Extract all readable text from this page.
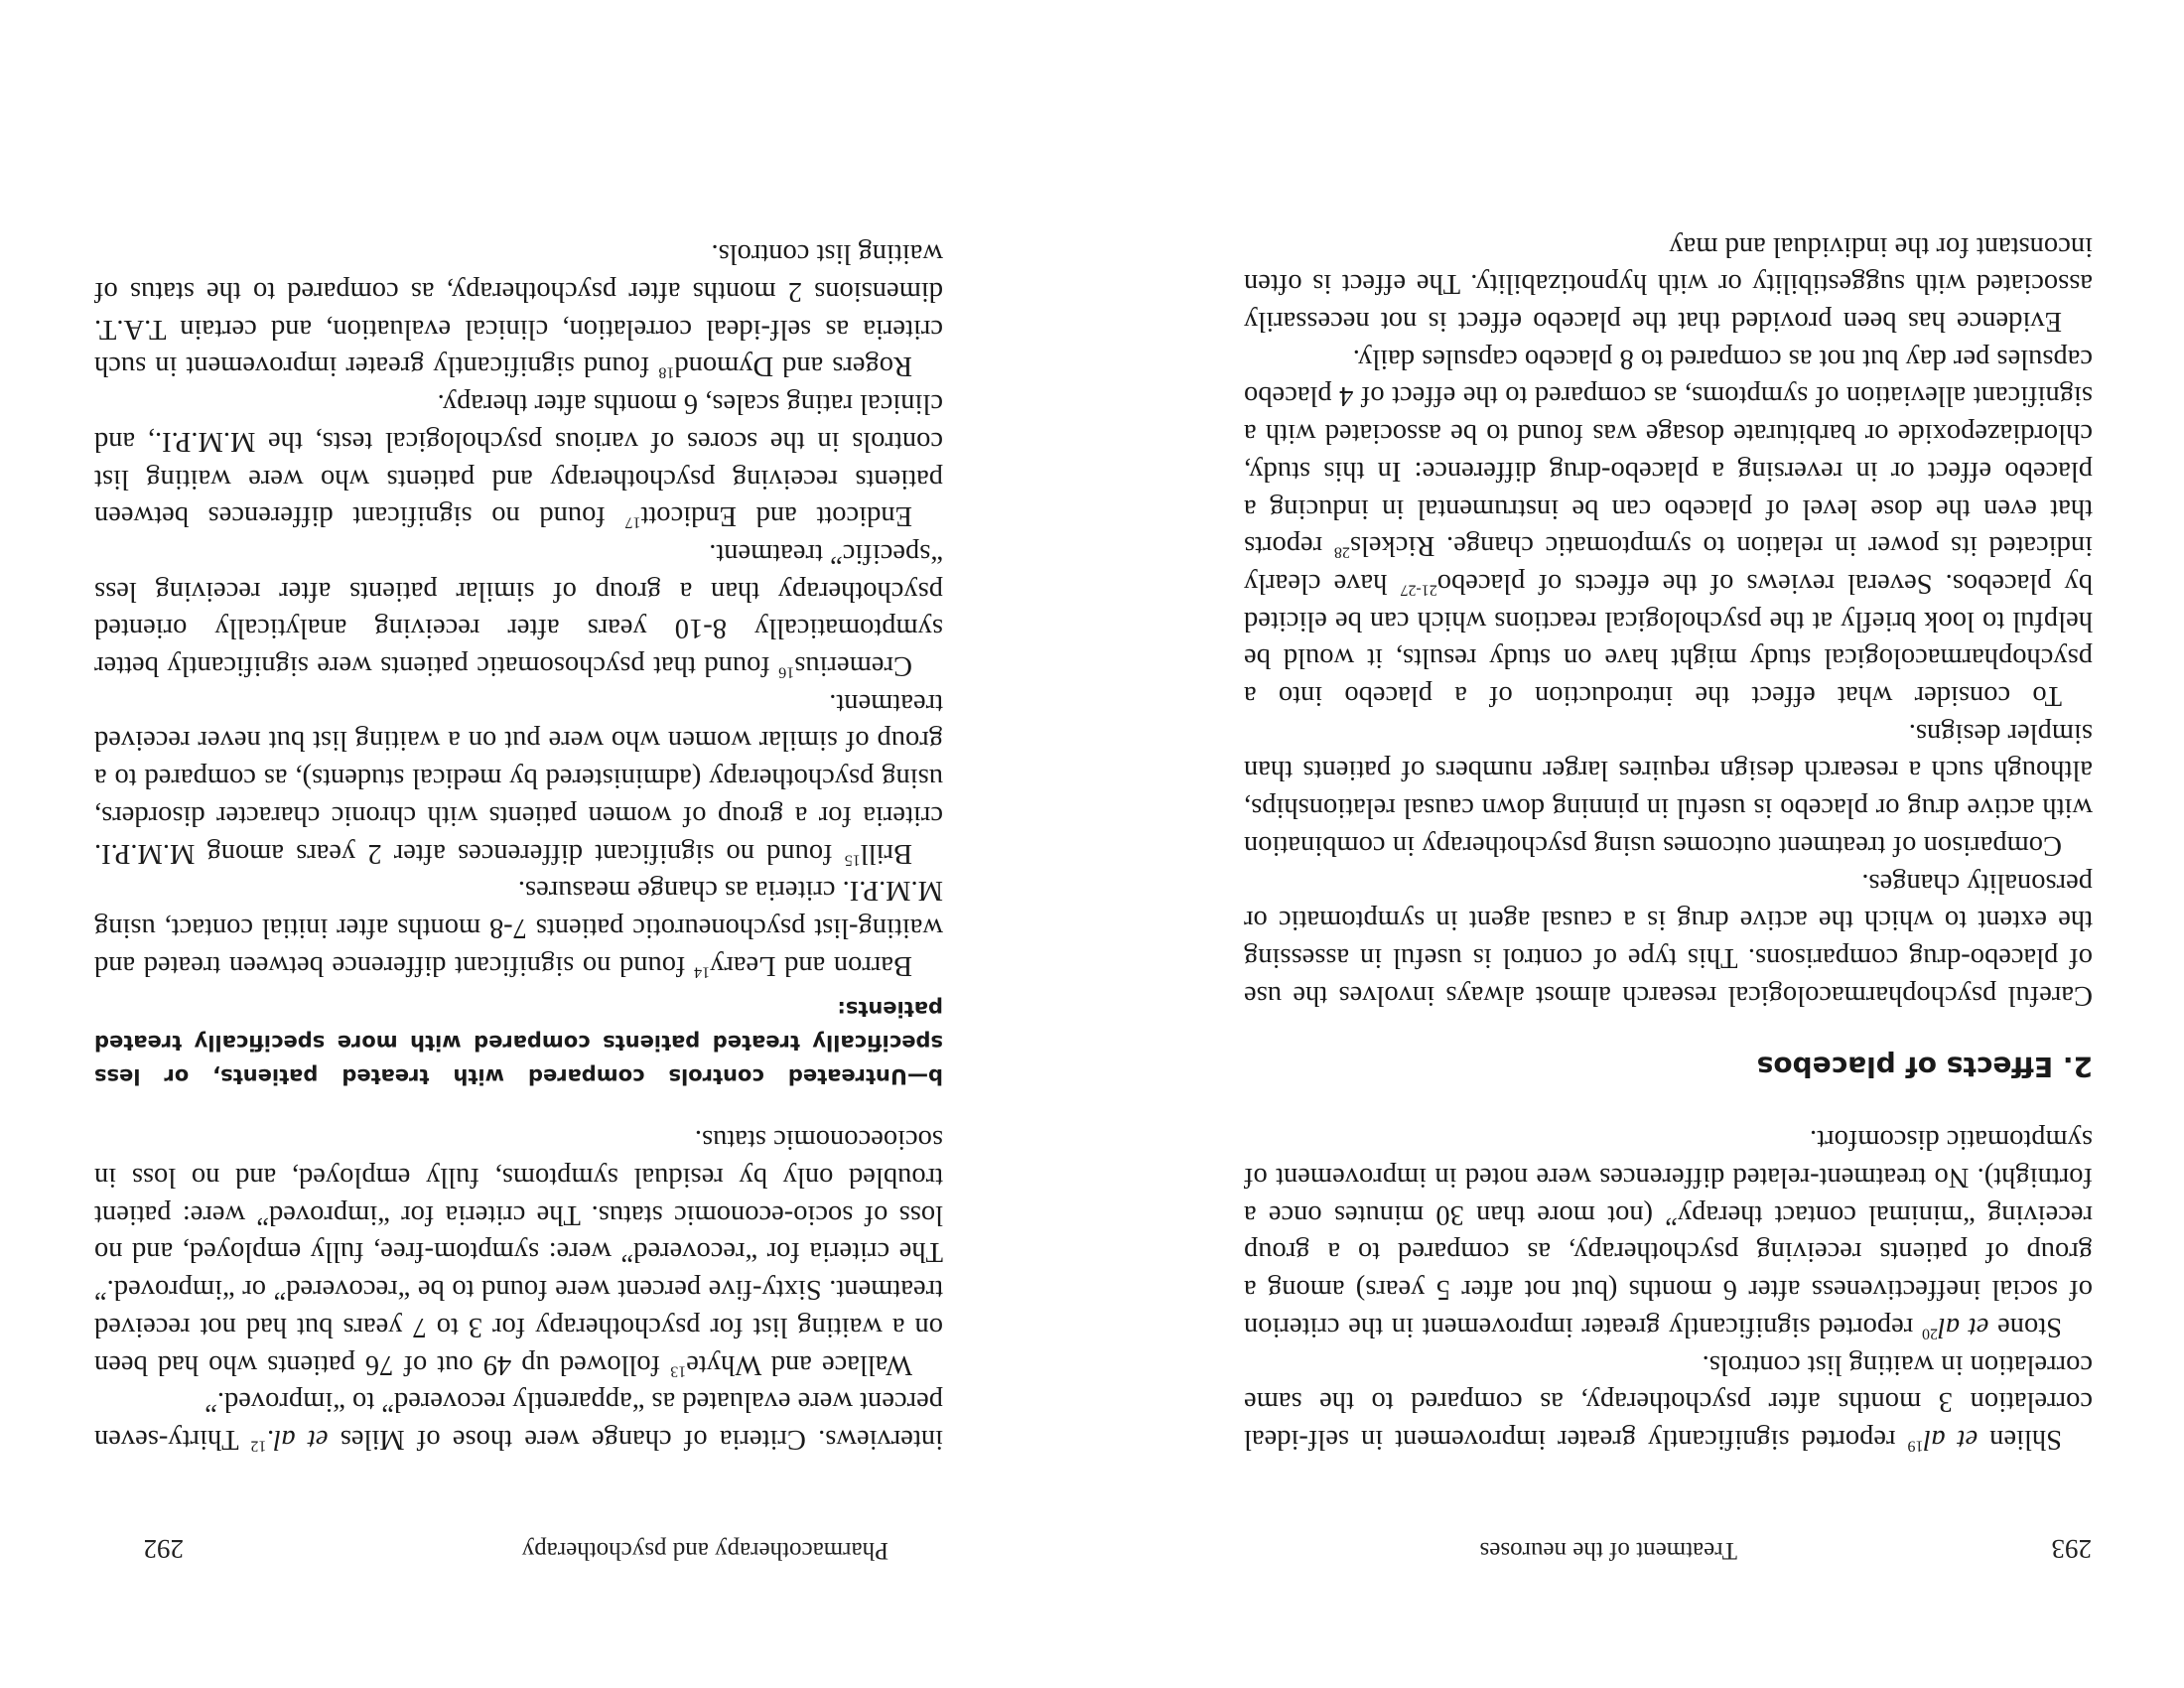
293
Treatment of the neuroses

Shlien et $al^{19}$ reported significantly greater improvement in self-ideal correlation 3 months after psychotherapy, as compared to the same correlation in waiting list controls.

Stone et $al^{20}$ reported significantly greater improvement in the criterion of social ineffectiveness after 6 months (but not after 5 years) among a group of patients receiving psychotherapy, as compared to a group receiving “minimal contact therapy” (not more than 30 minutes once a fortnight). No treatment-related differences were noted in improvement of symptomatic discomfort.

2. Effects of placebos

Careful psychopharmacological research almost always involves the use of placebo-drug comparisons. This type of control is useful in assessing the extent to which the active drug is a causal agent in symptomatic or personality changes.

Comparison of treatment outcomes using psychotherapy in combination with active drug or placebo is useful in pinning down causal relationships, although such a research design requires larger numbers of patients than simpler designs.

To consider what effect the introduction of a placebo into a psychopharmacological study might have on study results, it would be helpful to look briefly at the psychological reactions which can be elicited by placebos. Several reviews of the effects of placebo$^{21-27}$ have clearly indicated its power in relation to symptomatic change. Rickels$^{28}$ reports that even the dose level of placebo can be instrumental in inducing a placebo effect or in reversing a placebo-drug difference: In this study, chlordiazepoxide or barbiturate dosage was found to be associated with a significant alleviation of symptoms, as compared to the effect of 4 placebo capsules per day but not as compared to 8 placebo capsules daily.

Evidence has been provided that the placebo effect is not necessarily associated with suggestibility or with hypnotizability. The effect is often inconstant for the individual and may

Pharmacotherapy and psychotherapy
292

interviews. Criteria of change were those of Miles et al.$^{12}$ Thirty-seven percent were evaluated as “apparently recovered” to “improved.”

Wallace and Whyte$^{13}$ followed up 49 out of 76 patients who had been on a waiting list for psychotherapy for 3 to 7 years but had not received treatment. Sixty-five percent were found to be “recovered” or “improved.” The criteria for “recovered” were: symptom-free, fully employed, and no loss of socio-economic status. The criteria for “improved” were: patient troubled only by residual symptoms, fully employed, and no loss in socioeconomic status.

b—Untreated controls compared with treated patients, or less specifically treated patients compared with more specifically treated patients:

Barron and Leary$^{14}$ found no significant difference between treated and waiting-list psychoneurotic patients 7-8 months after initial contact, using M.M.P.I. criteria as change measures.

Brill$^{15}$ found no significant differences after 2 years among M.M.P.I. criteria for a group of women patients with chronic character disorders, using psychotherapy (administered by medical students), as compared to a group of similar women who were put on a waiting list but never received treatment.

Cremerius$^{16}$ found that psychosomatic patients were significantly better symptomatically 8-10 years after receiving analytically oriented psychotherapy than a group of similar patients after receiving less “specific” treatment.

Endicott and Endicott$^{17}$ found no significant differences between patients receiving psychotherapy and patients who were waiting list controls in the scores of various psychological tests, the M.M.P.I., and clinical rating scales, 6 months after therapy.

Rogers and Dymond$^{18}$ found significantly greater improvement in such criteria as self-ideal correlation, clinical evaluation, and certain T.A.T. dimensions 2 months after psychotherapy, as compared to the status of waiting list controls.
